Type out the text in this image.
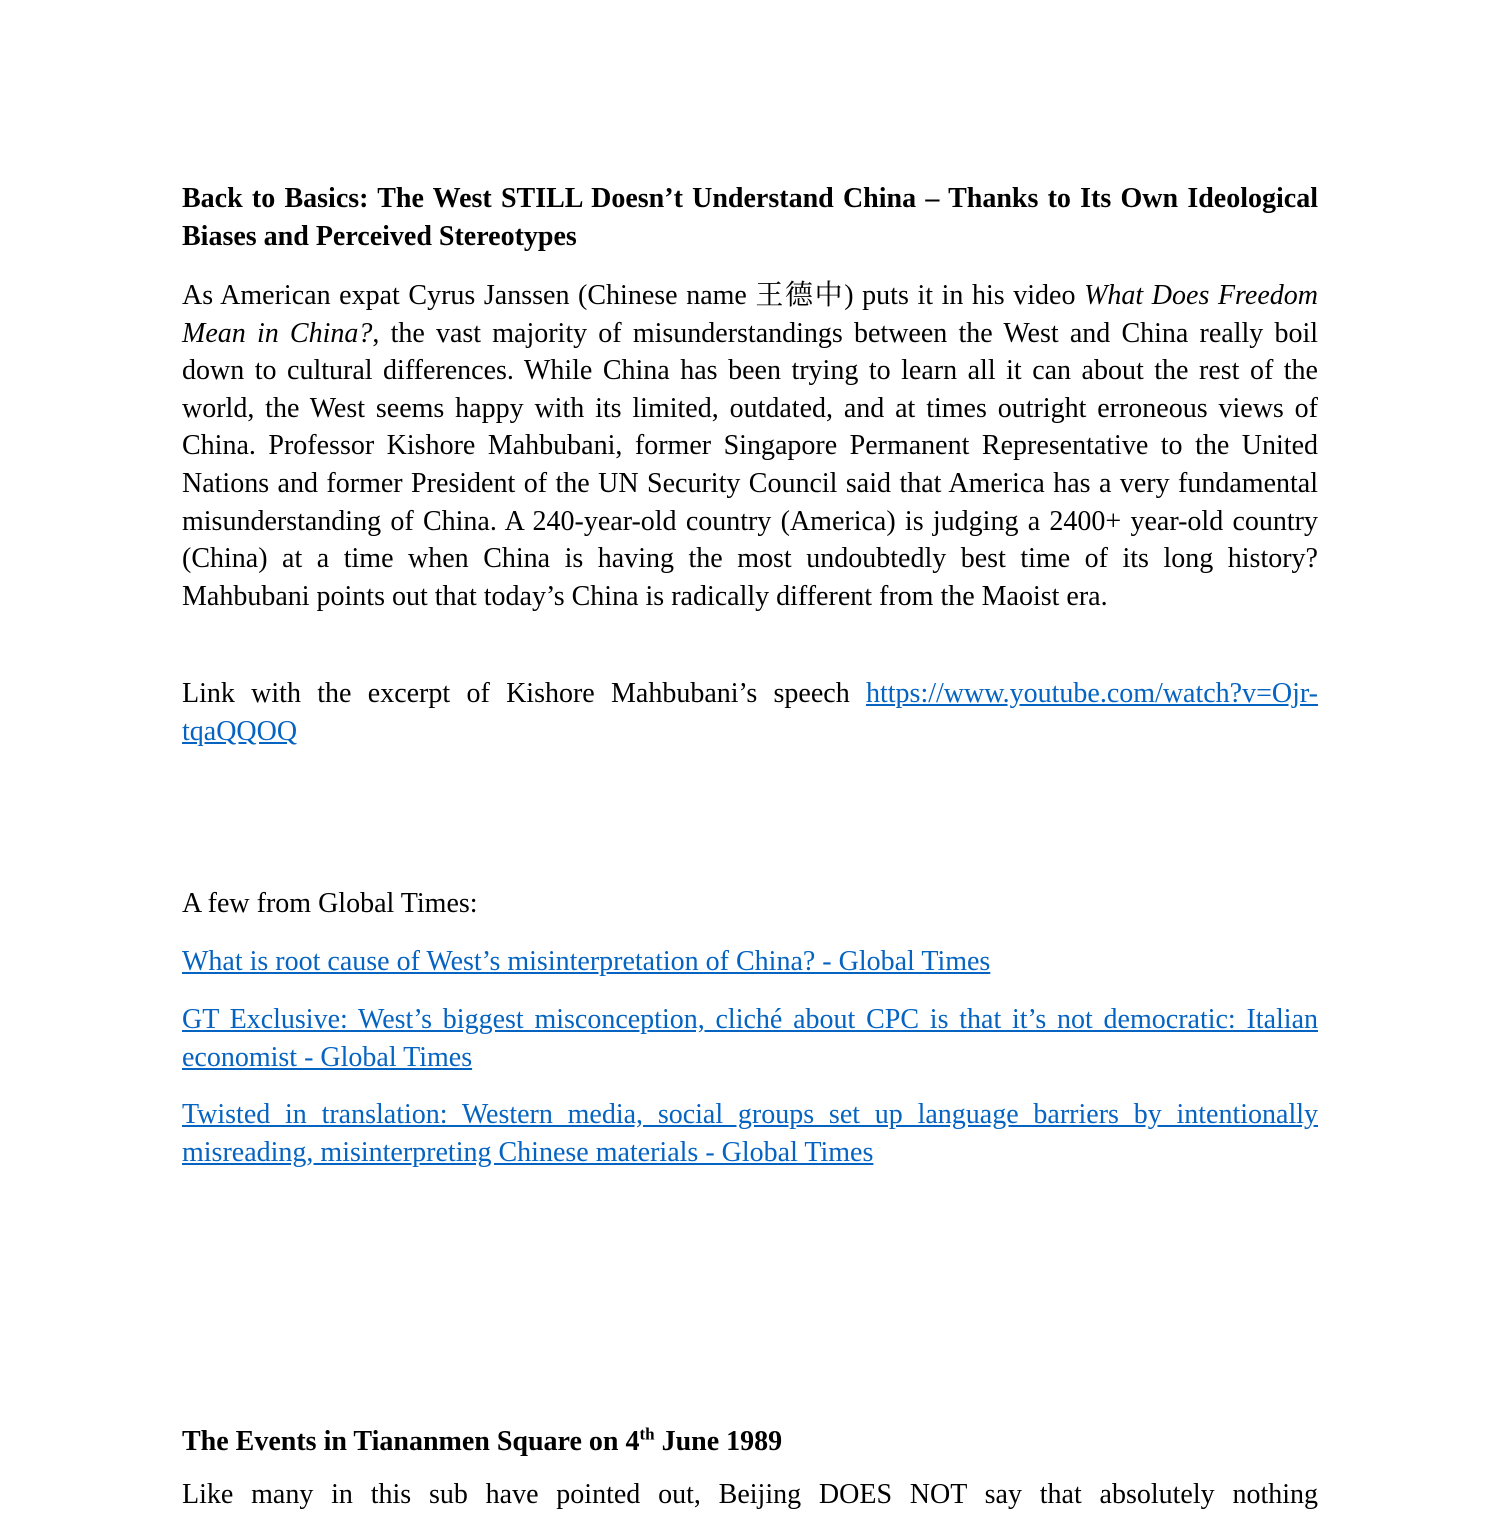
Back to Basics: The West STILL Doesn’t Understand China – Thanks to Its Own Ideological Biases and Perceived Stereotypes

As American expat Cyrus Janssen (Chinese name 王德中) puts it in his video What Does Freedom Mean in China?, the vast majority of misunderstandings between the West and China really boil down to cultural differences. While China has been trying to learn all it can about the rest of the world, the West seems happy with its limited, outdated, and at times outright erroneous views of China. Professor Kishore Mahbubani, former Singapore Permanent Representative to the United Nations and former President of the UN Security Council said that America has a very fundamental misunderstanding of China. A 240-year-old country (America) is judging a 2400+ year-old country (China) at a time when China is having the most undoubtedly best time of its long history? Mahbubani points out that today’s China is radically different from the Maoist era.

Link with the excerpt of Kishore Mahbubani’s speech https://www.youtube.com/watch?v=Ojr-tqaQQOQ

A few from Global Times:
What is root cause of West’s misinterpretation of China? - Global Times
GT Exclusive: West’s biggest misconception, cliché about CPC is that it’s not democratic: Italian economist - Global Times
Twisted in translation: Western media, social groups set up language barriers by intentionally misreading, misinterpreting Chinese materials - Global Times
The Events in Tiananmen Square on 4th June 1989
Like many in this sub have pointed out, Beijing DOES NOT say that absolutely nothing
